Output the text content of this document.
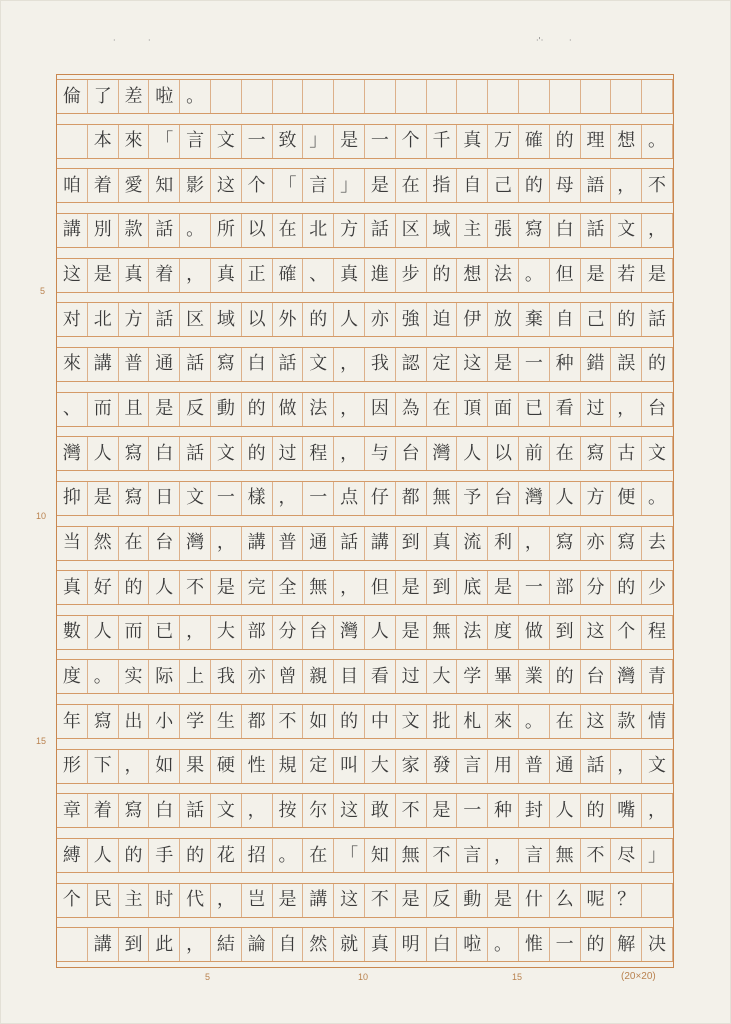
·	·	·'·	·
倫 了 差 啦 。
本 來 「 言 文 一 致 」 是 一 个 千 真 万 確 的 理 想 。
咱 着 愛 知 影 这 个 「 言 」 是 在 指 自 己 的 母 語 ， 不
講 別 款 話 。 所 以 在 北 方 話 区 域 主 張 寫 白 話 文 ，
这 是 真 着 ， 真 正 確 、 真 進 步 的 想 法 。 但 是 若 是
对 北 方 話 区 域 以 外 的 人 亦 強 迫 伊 放 棄 自 己 的 話
來 講 普 通 話 寫 白 話 文 ， 我 認 定 这 是 一 种 錯 誤 的
、 而 且 是 反 動 的 做 法 ， 因 為 在 頂 面 已 看 过 ， 台
灣 人 寫 白 話 文 的 过 程 ， 与 台 灣 人 以 前 在 寫 古 文
抑 是 寫 日 文 一 樣 ， 一 点 仔 都 無 予 台 灣 人 方 便 。
当 然 在 台 灣 ， 講 普 通 話 講 到 真 流 利 ， 寫 亦 寫 去
真 好 的 人 不 是 完 全 無 ， 但 是 到 底 是 一 部 分 的 少
數 人 而 已 ， 大 部 分 台 灣 人 是 無 法 度 做 到 这 个 程
度 。 实 际 上 我 亦 曾 親 目 看 过 大 学 畢 業 的 台 灣 青
年 寫 出 小 学 生 都 不 如 的 中 文 批 札 來 。 在 这 款 情
形 下 ， 如 果 硬 性 規 定 叫 大 家 發 言 用 普 通 話 ， 文
章 着 寫 白 話 文 ， 按 尔 这 敢 不 是 一 种 封 人 的 嘴 ，
縛 人 的 手 的 花 招 。 在 「 知 無 不 言 ， 言 無 不 尽 」
个 民 主 时 代 ， 岂 是 講 这 不 是 反 動 是 什 么 呢 ？
講 到 此 ， 結 論 自 然 就 真 明 白 啦 。 惟 一 的 解 决
5
10
15
5	10	15	(20×20)
